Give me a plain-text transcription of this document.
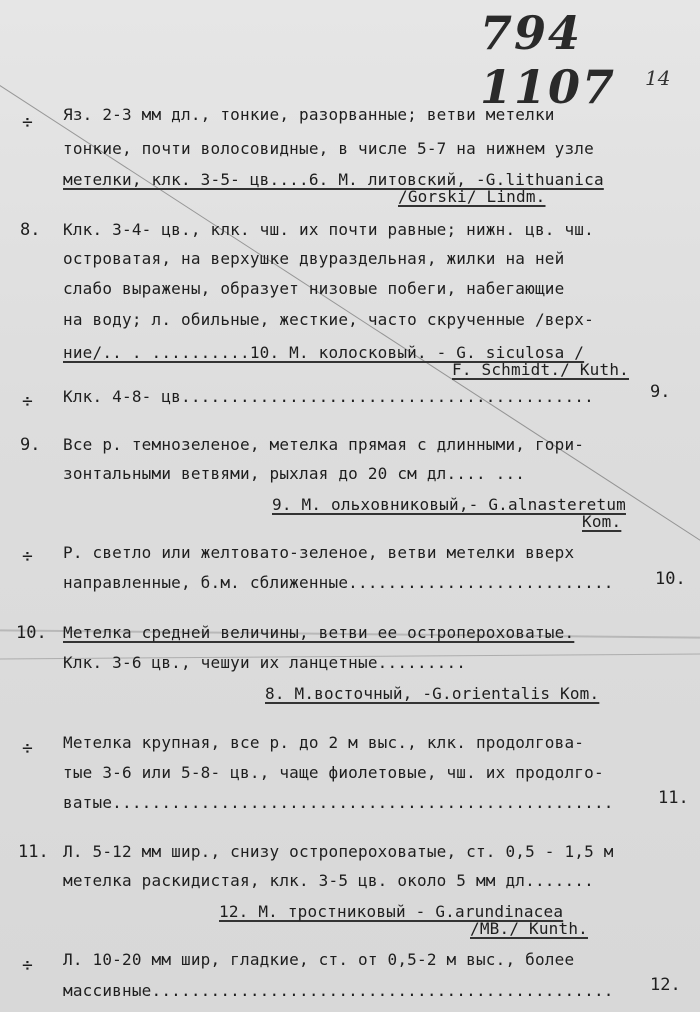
794 1107	14
÷ Яз. 2-3 мм дл., тонкие, разорванные; ветви метелки
тонкие, почти волосовидные, в числе 5-7 на нижнем узле
метелки, клк. 3-5- цв....6. М. литовский, -G.lithuanica
/Gorski/ Lindm.
8. Клк. 3-4- цв., клк. чш. их почти равные; нижн. цв. чш.
островатая, на верхушке двураздельная, жилки на ней
слабо выражены, образует низовые побеги, набегающие
на воду; л. обильные, жесткие, часто скрученные /верх-
ние/.. . ..........10. М. колосковый. - G. siculosa /
F. Schmidt./ Kuth.
÷ Клк. 4-8- цв..........................................	9.
9. Все р. темнозеленое, метелка прямая с длинными, гори-
зонтальными ветвями, рыхлая до 20 см дл.... ...
9. М. ольховниковый,- G.alnasteretum
Kom.
÷ Р. светло или желтовато-зеленое, ветви метелки вверх
направленные, б.м. сближенные........................... 10.
10. Метелка средней величины, ветви ее остропероховатые.
Клк. 3-6 цв., чешуи их ланцетные.........
8. М.восточный, -G.orientalis Kom.
÷ Метелка крупная, все р. до 2 м выс., клк. продолгова-
тые 3-6 или 5-8- цв., чаще фиолетовые, чш. их продолго-
ватые...................................................	11.
11. Л. 5-12 мм шир., снизу остропероховатые, ст. 0,5 - 1,5 м
метелка раскидистая, клк. 3-5 цв. около 5 мм дл.......
12. М. тростниковый - G.arundinacea
/МВ./ Kunth.
÷ Л. 10-20 мм шир, гладкие, ст. от 0,5-2 м выс., более
массивные............................................... 12.
